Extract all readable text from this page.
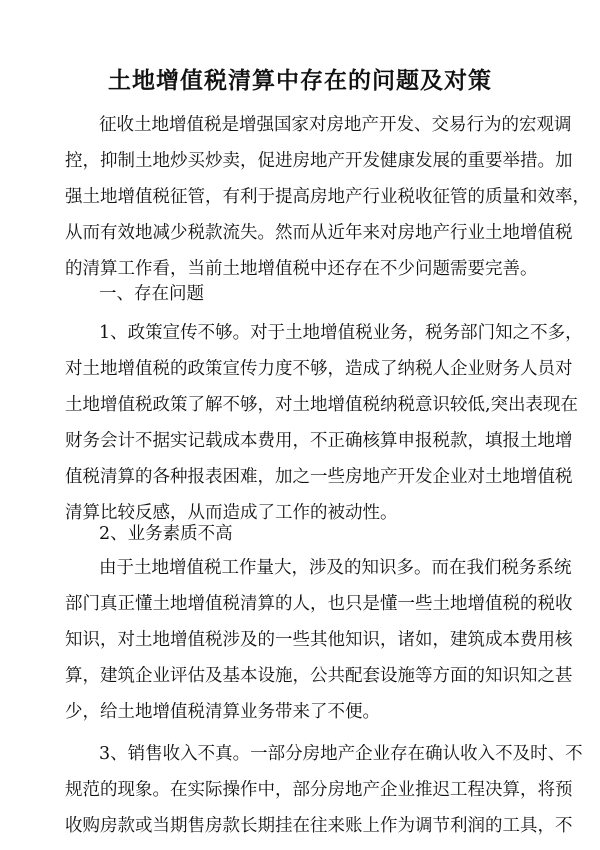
土地增值税清算中存在的问题及对策
征收土地增值税是增强国家对房地产开发、交易行为的宏观调
控，抑制土地炒买炒卖，促进房地产开发健康发展的重要举措。加
强土地增值税征管，有利于提高房地产行业税收征管的质量和效率，
从而有效地减少税款流失。然而从近年来对房地产行业土地增值税
的清算工作看，当前土地增值税中还存在不少问题需要完善。
一、存在问题
1、政策宣传不够。对于土地增值税业务，税务部门知之不多，
对土地增值税的政策宣传力度不够，造成了纳税人企业财务人员对
土地增值税政策了解不够，对土地增值税纳税意识较低,突出表现在
财务会计不据实记载成本费用，不正确核算申报税款，填报土地增
值税清算的各种报表困难，加之一些房地产开发企业对土地增值税
清算比较反感，从而造成了工作的被动性。
2、业务素质不高
由于土地增值税工作量大，涉及的知识多。而在我们税务系统
部门真正懂土地增值税清算的人，也只是懂一些土地增值税的税收
知识，对土地增值税涉及的一些其他知识，诸如，建筑成本费用核
算，建筑企业评估及基本设施，公共配套设施等方面的知识知之甚
少，给土地增值税清算业务带来了不便。
3、销售收入不真。一部分房地产企业存在确认收入不及时、不
规范的现象。在实际操作中，部分房地产企业推迟工程决算，将预
收购房款或当期售房款长期挂在往来账上作为调节利润的工具，不
